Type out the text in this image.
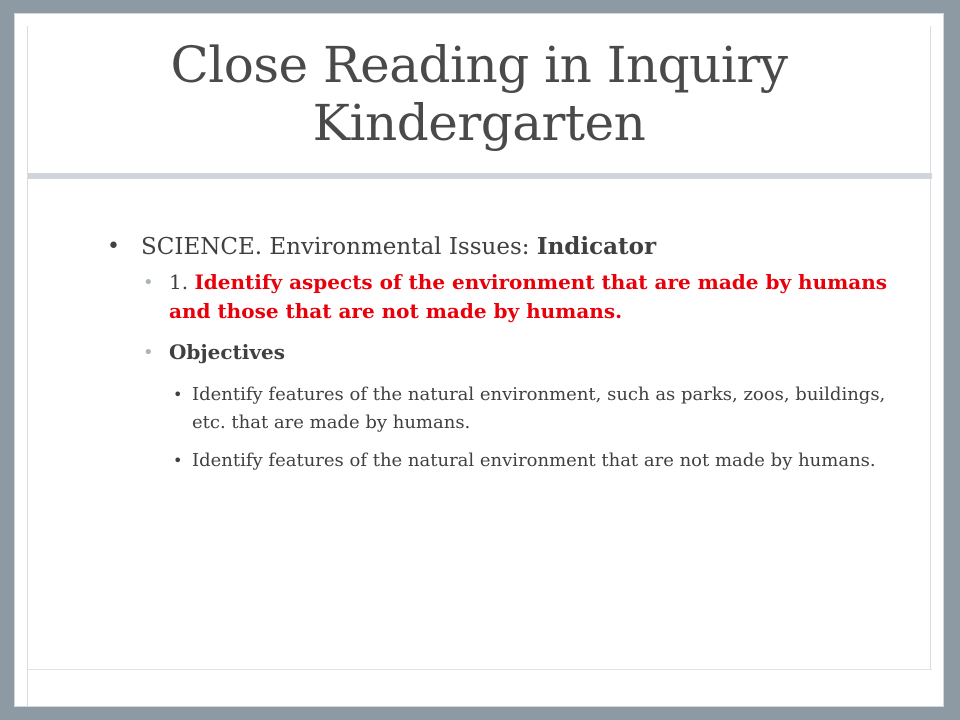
Close Reading in Inquiry
Kindergarten

• SCIENCE. Environmental Issues: Indicator

• 1. Identify aspects of the environment that are made by humans and those that are not made by humans.

• Objectives

• Identify features of the natural environment, such as parks, zoos, buildings, etc. that are made by humans.

• Identify features of the natural environment that are not made by humans.
